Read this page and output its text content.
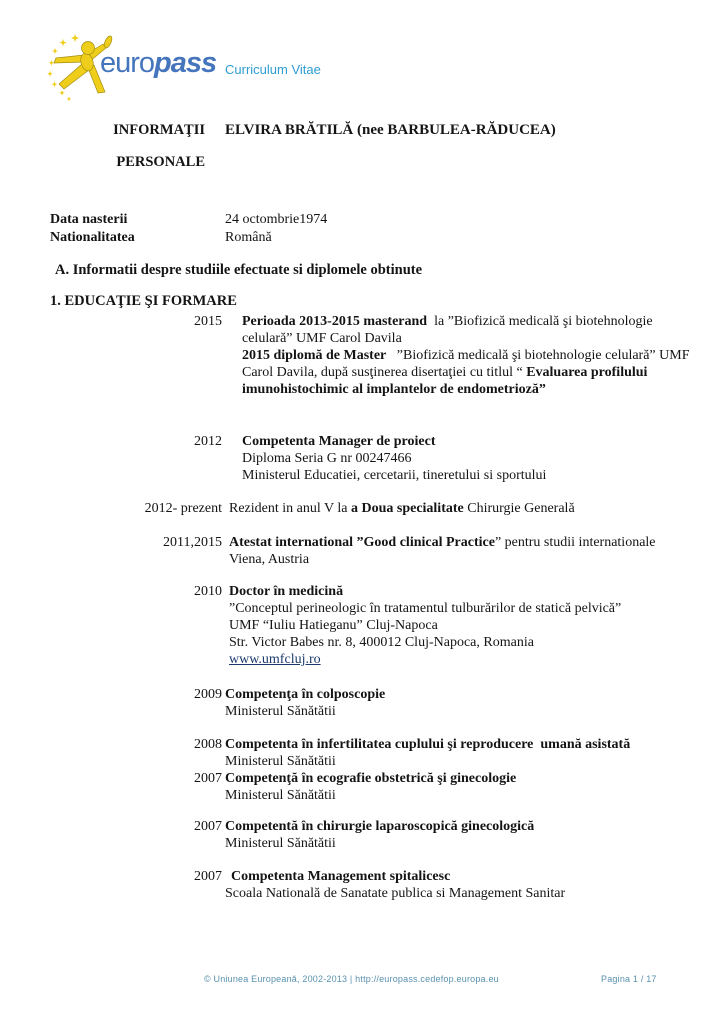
europass Curriculum Vitae
INFORMAŢII
PERSONALE
ELVIRA BRĂTILĂ (nee BARBULEA-RĂDUCEA)
Data nasterii	24 octombrie1974
Nationalitatea	Română
A. Informatii despre studiile efectuate si diplomele obtinute
1. EDUCAŢIE ŞI FORMARE
2015	Perioada 2013-2015 masterand  la ”Biofizică medicală şi biotehnologie
celulară” UMF Carol Davila
2015 diplomă de Master   ”Biofizică medicală şi biotehnologie celulară” UMF
Carol Davila, după susţinerea disertaţiei cu titlul “ Evaluarea profilului
imunohistochimic al implantelor de endometrioză”
2012	Competenta Manager de proiect
Diploma Seria G nr 00247466
Ministerul Educatiei, cercetarii, tineretului si sportului
2012- prezent Rezident in anul V la a Doua specialitate Chirurgie Generală
2011,2015 Atestat international ”Good clinical Practice” pentru studii internationale
Viena, Austria
2010 Doctor în medicină
”Conceptul perineologic în tratamentul tulburărilor de statică pelvică”
UMF “Iuliu Hatieganu” Cluj-Napoca
Str. Victor Babes nr. 8, 400012 Cluj-Napoca, Romania
www.umfcluj.ro
2009 Competenţa în colposcopie
Ministerul Sănătătii
2008 Competenta în infertilitatea cuplului şi reproducere  umană asistată
Ministerul Sănătătii
2007 Competenţă în ecografie obstetrică şi ginecologie
Ministerul Sănătătii
2007 Competentă în chirurgie laparoscopică ginecologică
Ministerul Sănătătii
2007 Competenta Management spitalicesc
Scoala Natională de Sanatate publica si Management Sanitar
© Uniunea Europeană, 2002-2013 | http://europass.cedefop.europa.eu	Pagina 1 / 17
